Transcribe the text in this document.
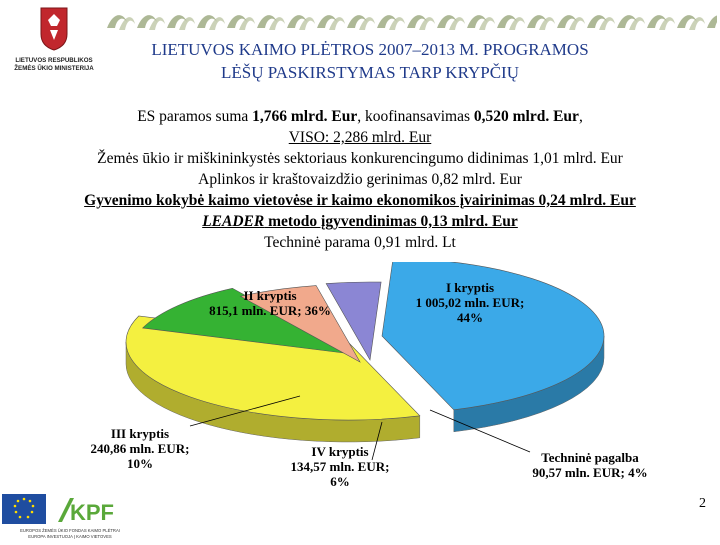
LIETUVOS RESPUBLIKOS
ŽEMĖS ŪKIO MINISTERIJA
LIETUVOS KAIMO PLĖTROS 2007–2013 M. PROGRAMOS
LĖŠŲ PASKIRSTYMAS TARP KRYPČIŲ
ES paramos suma 1,766 mlrd. Eur, koofinansavimas 0,520 mlrd. Eur,
VISO: 2,286 mlrd. Eur
Žemės ūkio ir miškininkystės sektoriaus konkurencingumo didinimas 1,01 mlrd. Eur
Aplinkos ir kraštovaizdžio gerinimas 0,82 mlrd. Eur
Gyvenimo kokybė kaimo vietovėse ir kaimo ekonomikos įvairinimas 0,24 mlrd. Eur
LEADER metodo įgyvendinimas 0,13 mlrd. Eur
Techninė parama 0,91 mlrd. Lt
I kryptis 1 005,02 mln. EUR; 44%
II kryptis 815,1 mln. EUR; 36%
III kryptis 240,86 mln. EUR; 10%
IV kryptis 134,57 mln. EUR; 6%
Techninė pagalba 90,57 mln. EUR; 4%
KPF
EUROPOS ŽEMĖS ŪKIO FONDAS KAIMO PLĖTRAI
EUROPA INVESTUOJA Į KAIMO VIETOVES
2
